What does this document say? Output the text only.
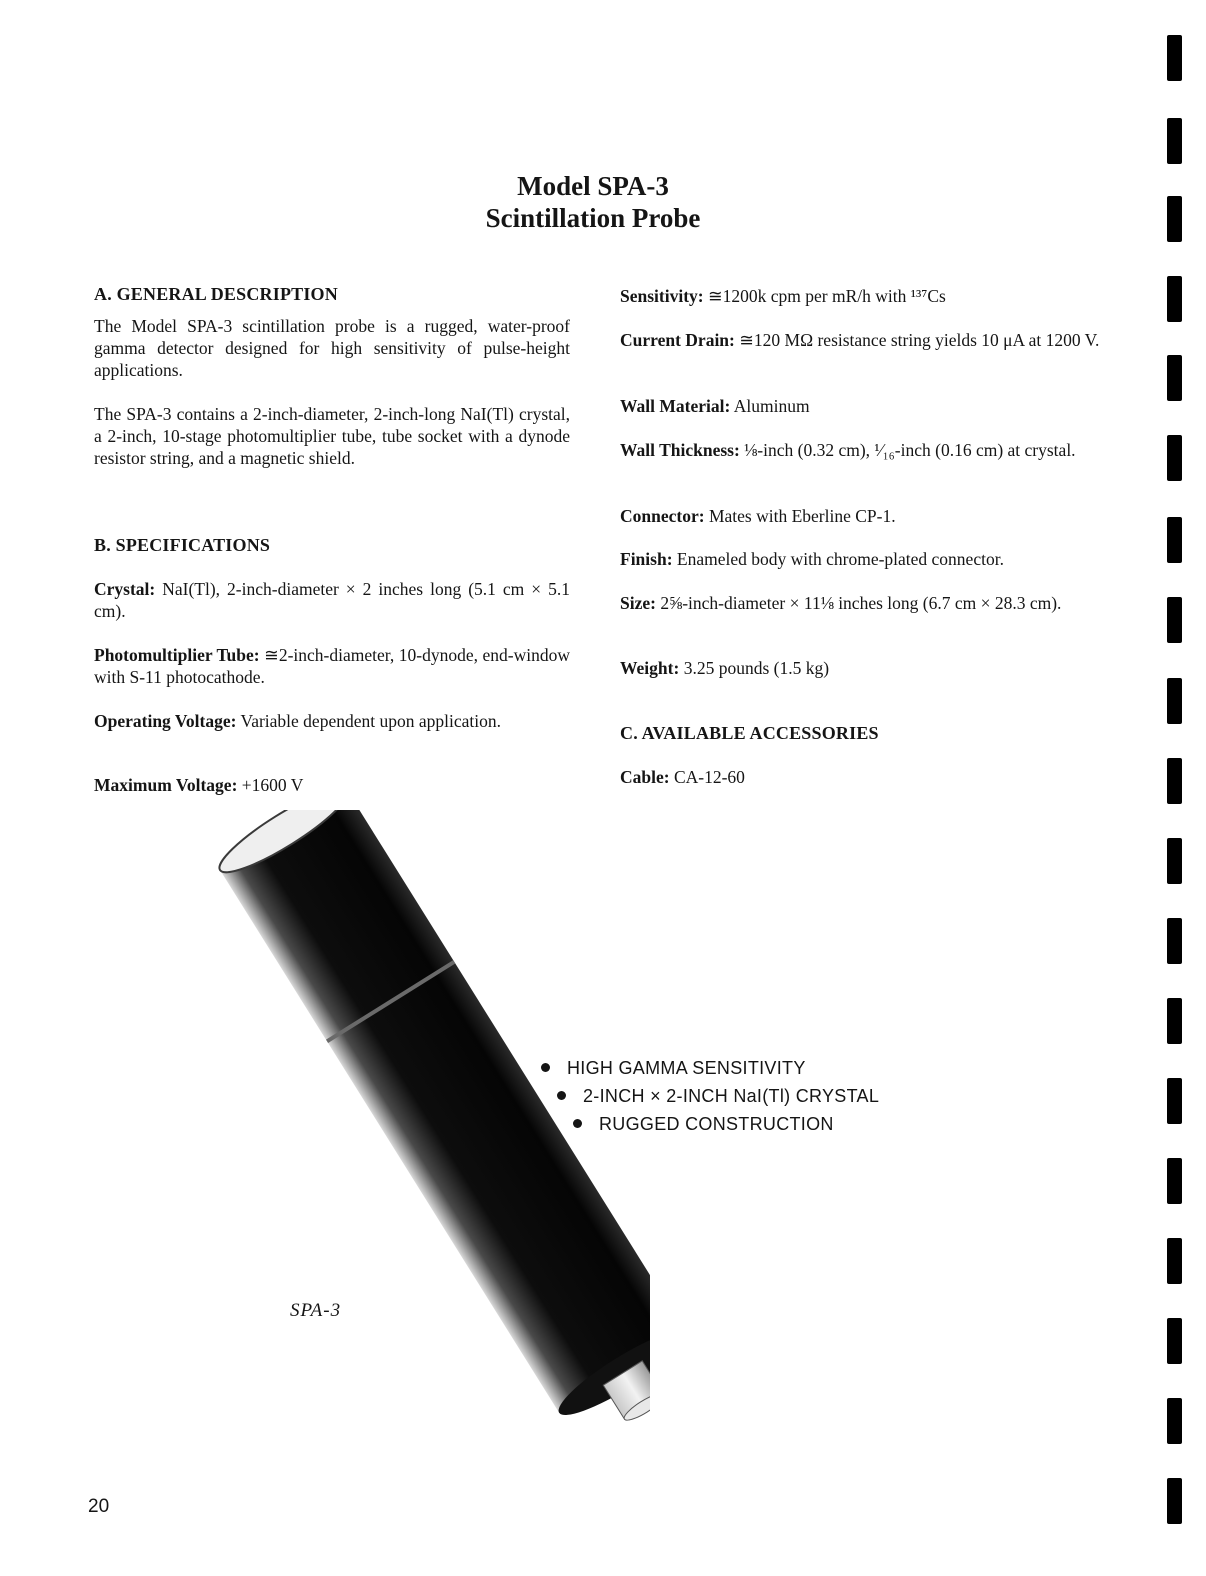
Model SPA-3
Scintillation Probe
A. GENERAL DESCRIPTION
The Model SPA-3 scintillation probe is a rugged, water-proof gamma detector designed for high sensitivity of pulse-height applications.
The SPA-3 contains a 2-inch-diameter, 2-inch-long NaI(Tl) crystal, a 2-inch, 10-stage photomultiplier tube, tube socket with a dynode resistor string, and a magnetic shield.
B. SPECIFICATIONS
Crystal: NaI(Tl), 2-inch-diameter × 2 inches long (5.1 cm × 5.1 cm).
Photomultiplier Tube: ≅2-inch-diameter, 10-dynode, end-window with S-11 photocathode.
Operating Voltage: Variable dependent upon application.
Maximum Voltage: +1600 V
Sensitivity: ≅1200k cpm per mR/h with ¹³⁷Cs
Current Drain: ≅120 MΩ resistance string yields 10 μA at 1200 V.
Wall Material: Aluminum
Wall Thickness: ⅛-inch (0.32 cm), ¹⁄₁₆-inch (0.16 cm) at crystal.
Connector: Mates with Eberline CP-1.
Finish: Enameled body with chrome-plated connector.
Size: 2⅝-inch-diameter × 11⅛ inches long (6.7 cm × 28.3 cm).
Weight: 3.25 pounds (1.5 kg)
C. AVAILABLE ACCESSORIES
Cable: CA-12-60
HIGH GAMMA SENSITIVITY
2-INCH × 2-INCH NaI(Tl) CRYSTAL
RUGGED CONSTRUCTION
SPA-3
20
